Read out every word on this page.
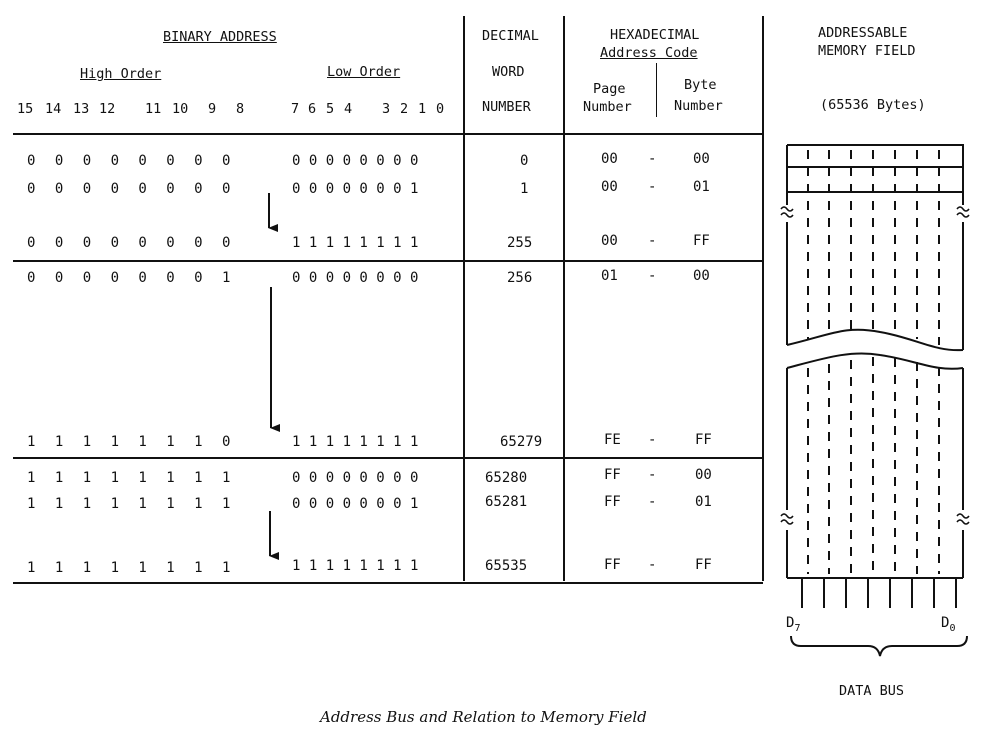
BINARY ADDRESS
High Order	Low Order
15 14 13 12 11 10 9 8	7 6 5 4 3 2 1 0
DECIMAL
WORD
NUMBER
HEXADECIMAL
Address Code
Page
Number
Byte
Number
ADDRESSABLE
MEMORY FIELD
(65536 Bytes)
0 0 0 0 0 0 0 0	0 0 0 0 0 0 0 0	0	00 -	00
0 0 0 0 0 0 0 0	0 0 0 0 0 0 0 1	1	00 -	01
0 0 0 0 0 0 0 0	1 1 1 1 1 1 1 1	255	00 -	FF
0 0 0 0 0 0 0 1	0 0 0 0 0 0 0 0	256	01 -	00
1 1 1 1 1 1 1 0	1 1 1 1 1 1 1 1	65279	FE -	FF
1 1 1 1 1 1 1 1	0 0 0 0 0 0 0 0	65280	FF -	00
1 1 1 1 1 1 1 1	0 0 0 0 0 0 0 1	65281	FF -	01
1 1 1 1 1 1 1 1	1 1 1 1 1 1 1 1	65535	FF -	FF
$D_7$	$D_0$
DATA BUS
Address Bus and Relation to Memory Field
